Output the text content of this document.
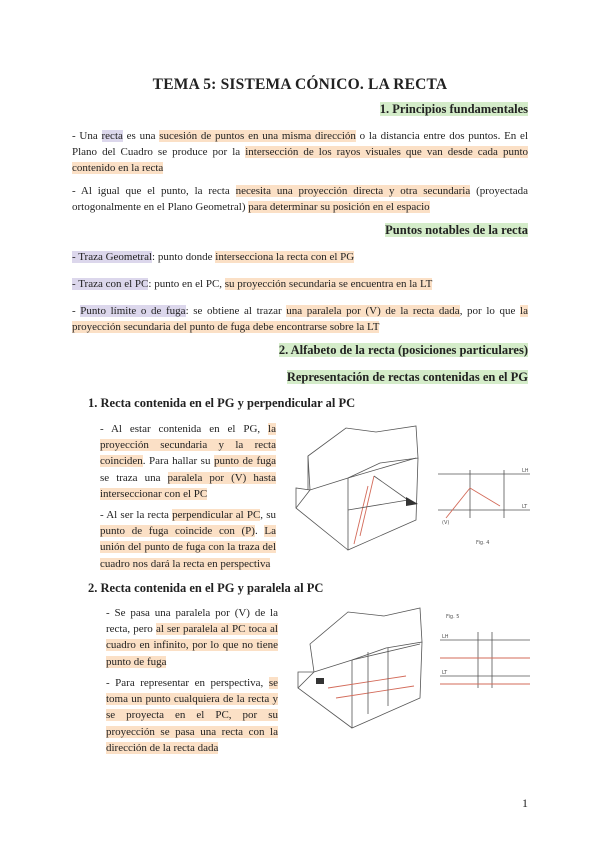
TEMA 5: SISTEMA CÓNICO. LA RECTA
1. Principios fundamentales
- Una recta es una sucesión de puntos en una misma dirección o la distancia entre dos puntos. En el Plano del Cuadro se produce por la intersección de los rayos visuales que van desde cada punto contenido en la recta
- Al igual que el punto, la recta necesita una proyección directa y otra secundaria (proyectada ortogonalmente en el Plano Geometral) para determinar su posición en el espacio
Puntos notables de la recta
- Traza Geometral: punto donde intersecciona la recta con el PG
- Traza con el PC: punto en el PC, su proyección secundaria se encuentra en la LT
- Punto límite o de fuga: se obtiene al trazar una paralela por (V) de la recta dada, por lo que la proyección secundaria del punto de fuga debe encontrarse sobre la LT
2. Alfabeto de la recta (posiciones particulares)
Representación de rectas contenidas en el PG
1. Recta contenida en el PG y perpendicular al PC
- Al estar contenida en el PG, la proyección secundaria y la recta coinciden. Para hallar su punto de fuga se traza una paralela por (V) hasta interseccionar con el PC
- Al ser la recta perpendicular al PC, su punto de fuga coincide con (P). La unión del punto de fuga con la traza del cuadro nos dará la recta en perspectiva
LH
LT
(V)
Fig. 4
2. Recta contenida en el PG y paralela al PC
- Se pasa una paralela por (V) de la recta, pero al ser paralela al PC toca al cuadro en infinito, por lo que no tiene punto de fuga
- Para representar en perspectiva, se toma un punto cualquiera de la recta y se proyecta en el PC, por su proyección se pasa una recta con la dirección de la recta dada
LH
LT
Fig. 5
1
